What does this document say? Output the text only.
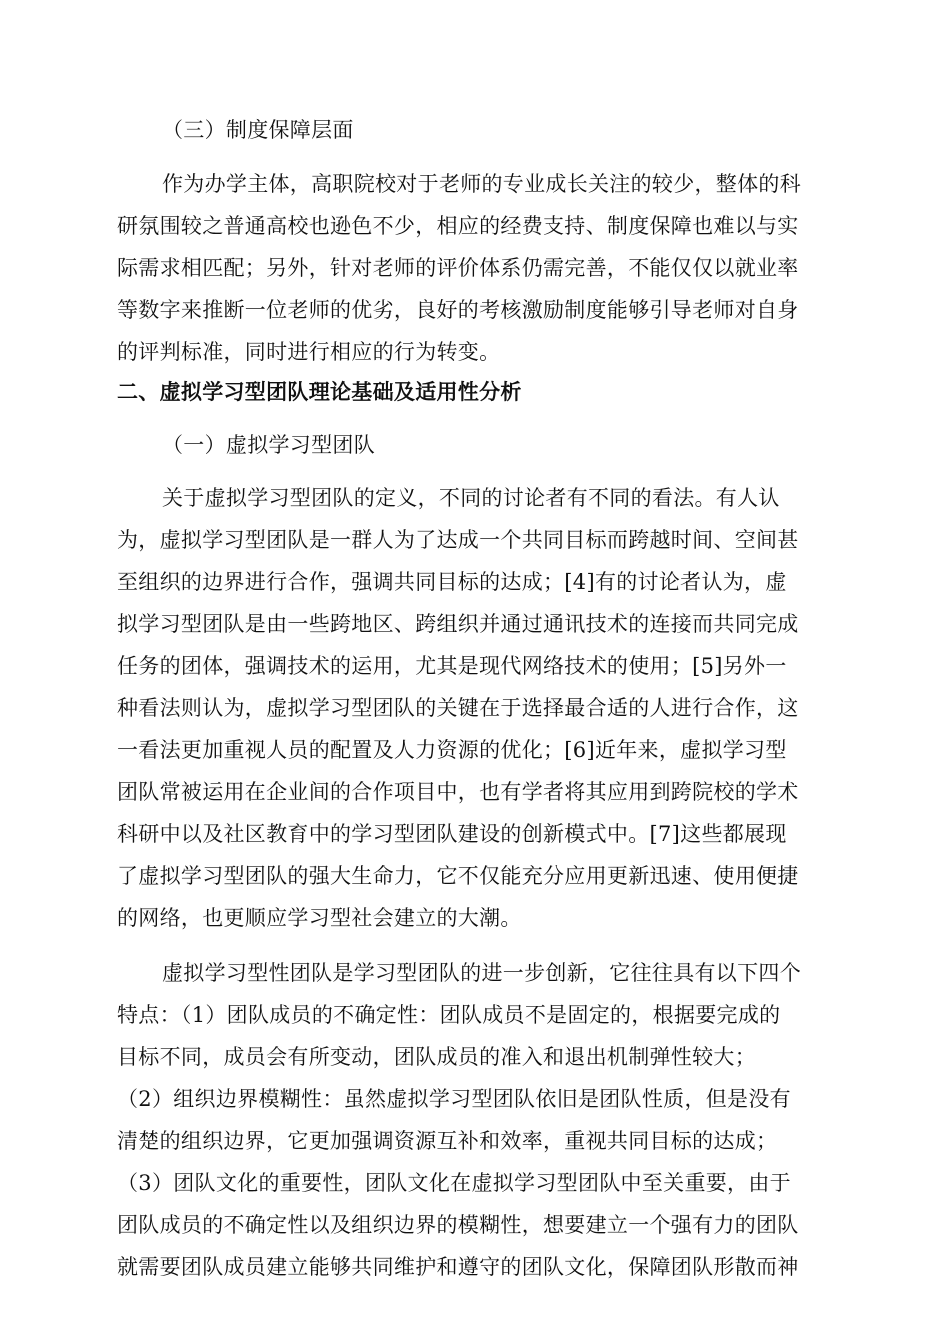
（三）制度保障层面
作为办学主体，高职院校对于老师的专业成长关注的较少，整体的科
研氛围较之普通高校也逊色不少，相应的经费支持、制度保障也难以与实
际需求相匹配；另外，针对老师的评价体系仍需完善，不能仅仅以就业率
等数字来推断一位老师的优劣，良好的考核激励制度能够引导老师对自身
的评判标准，同时进行相应的行为转变。
二、虚拟学习型团队理论基础及适用性分析
（一）虚拟学习型团队
关于虚拟学习型团队的定义，不同的讨论者有不同的看法。有人认
为，虚拟学习型团队是一群人为了达成一个共同目标而跨越时间、空间甚
至组织的边界进行合作，强调共同目标的达成；[4]有的讨论者认为，虚
拟学习型团队是由一些跨地区、跨组织并通过通讯技术的连接而共同完成
任务的团体，强调技术的运用，尤其是现代网络技术的使用；[5]另外一
种看法则认为，虚拟学习型团队的关键在于选择最合适的人进行合作，这
一看法更加重视人员的配置及人力资源的优化；[6]近年来，虚拟学习型
团队常被运用在企业间的合作项目中，也有学者将其应用到跨院校的学术
科研中以及社区教育中的学习型团队建设的创新模式中。[7]这些都展现
了虚拟学习型团队的强大生命力，它不仅能充分应用更新迅速、使用便捷
的网络，也更顺应学习型社会建立的大潮。
虚拟学习型性团队是学习型团队的进一步创新，它往往具有以下四个
特点：（1）团队成员的不确定性：团队成员不是固定的，根据要完成的
目标不同，成员会有所变动，团队成员的准入和退出机制弹性较大；
（2）组织边界模糊性：虽然虚拟学习型团队依旧是团队性质，但是没有
清楚的组织边界，它更加强调资源互补和效率，重视共同目标的达成；
（3）团队文化的重要性，团队文化在虚拟学习型团队中至关重要，由于
团队成员的不确定性以及组织边界的模糊性，想要建立一个强有力的团队
就需要团队成员建立能够共同维护和遵守的团队文化，保障团队形散而神
